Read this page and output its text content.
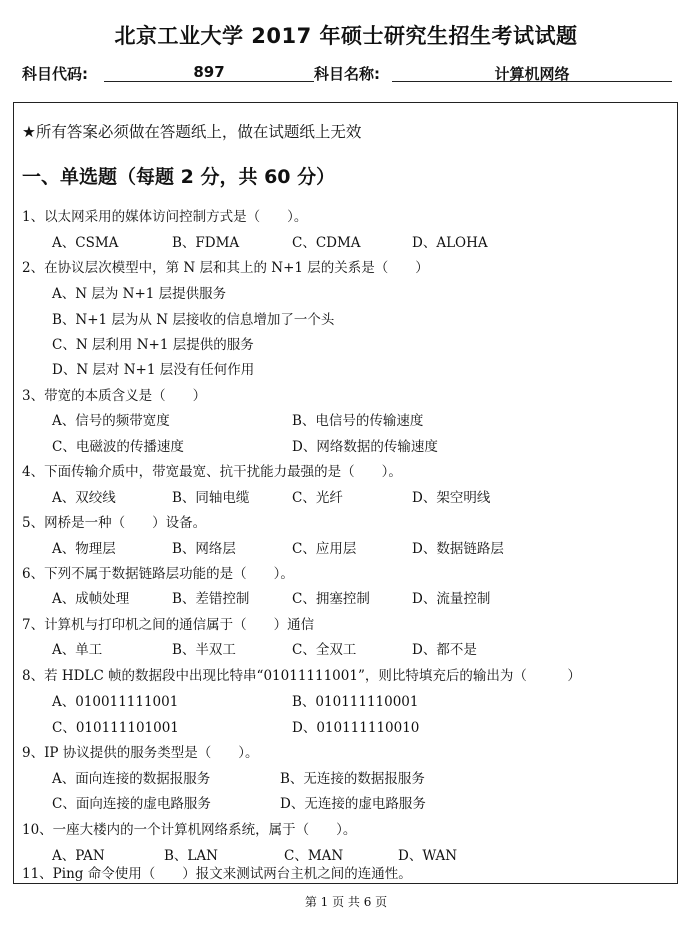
北京工业大学 2017 年硕士研究生招生考试试题
科目代码:	897	科目名称:	计算机网络
★所有答案必须做在答题纸上，做在试题纸上无效
一、单选题（每题 2 分，共 60 分）
1、以太网采用的媒体访问控制方式是（　　）。
A、CSMA	B、FDMA	C、CDMA	D、ALOHA
2、在协议层次模型中，第 N 层和其上的 N+1 层的关系是（　　）
A、N 层为 N+1 层提供服务
B、N+1 层为从 N 层接收的信息增加了一个头
C、N 层利用 N+1 层提供的服务
D、N 层对 N+1 层没有任何作用
3、带宽的本质含义是（　　）
A、信号的频带宽度	B、电信号的传输速度
C、电磁波的传播速度	D、网络数据的传输速度
4、下面传输介质中，带宽最宽、抗干扰能力最强的是（　　）。
A、双绞线	B、同轴电缆	C、光纤	D、架空明线
5、网桥是一种（　　）设备。
A、物理层	B、网络层	C、应用层	D、数据链路层
6、下列不属于数据链路层功能的是（　　）。
A、成帧处理	B、差错控制	C、拥塞控制	D、流量控制
7、计算机与打印机之间的通信属于（　　）通信
A、单工	B、半双工	C、全双工	D、都不是
8、若 HDLC 帧的数据段中出现比特串“01011111001”，则比特填充后的输出为（　　　）
A、010011111001	B、010111110001
C、010111101001	D、010111110010
9、IP 协议提供的服务类型是（　　）。
A、面向连接的数据报服务	B、无连接的数据报服务
C、面向连接的虚电路服务	D、无连接的虚电路服务
10、一座大楼内的一个计算机网络系统，属于（　　）。
A、PAN	B、LAN	C、MAN	D、WAN
11、Ping 命令使用（　　）报文来测试两台主机之间的连通性。
第 1 页 共 6 页
